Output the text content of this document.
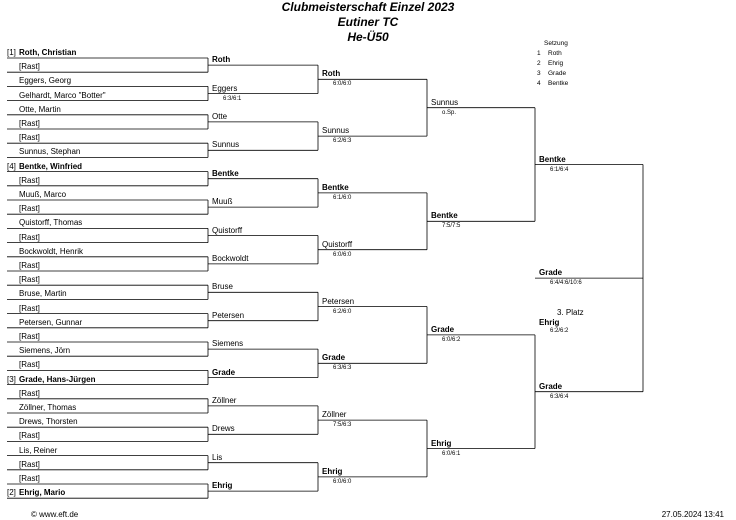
Clubmeisterschaft Einzel 2023
Eutiner TC
He-Ü50	Setzung
1 Roth
2 Ehrig
3 Grade
4 Bentke
[1] Roth, Christian
[Rast]
Eggers, Georg
Gelhardt, Marco "Botter"
Otte, Martin
[Rast]
[Rast]
Sunnus, Stephan
[4] Bentke, Winfried
[Rast]
Muuß, Marco
[Rast]
Quistorff, Thomas
[Rast]
Bockwoldt, Henrik
[Rast]
[Rast]
Bruse, Martin
[Rast]
Petersen, Gunnar
[Rast]
Siemens, Jörn
[Rast]
[3] Grade, Hans-Jürgen
[Rast]
Zöllner, Thomas
Drews, Thorsten
[Rast]
Lis, Reiner
[Rast]
[Rast]
[2] Ehrig, Mario
Roth
Eggers
6:3/6:1
Otte
Sunnus
Bentke
Muuß
Quistorff
Bockwoldt
Bruse
Petersen
Siemens
Grade
Zöllner
Drews
Lis
Ehrig
Roth
6:0/6:0
Sunnus
6:2/6:3
Bentke
6:1/6:0
Quistorff
6:0/6:0
Petersen
6:2/6:0
Grade
6:3/6:3
Zöllner
7:5/6:3
Ehrig
6:0/6:0
Sunnus
o.Sp.
Bentke
7:5/7:5
Grade
6:0/6:2
Ehrig
6:0/6:1
Bentke
6:1/6:4
Grade
6:3/6:4
Grade
6:4/4:6/10:6
3. Platz
Ehrig
6:2/6:2
© www.eft.de	27.05.2024 13:41
